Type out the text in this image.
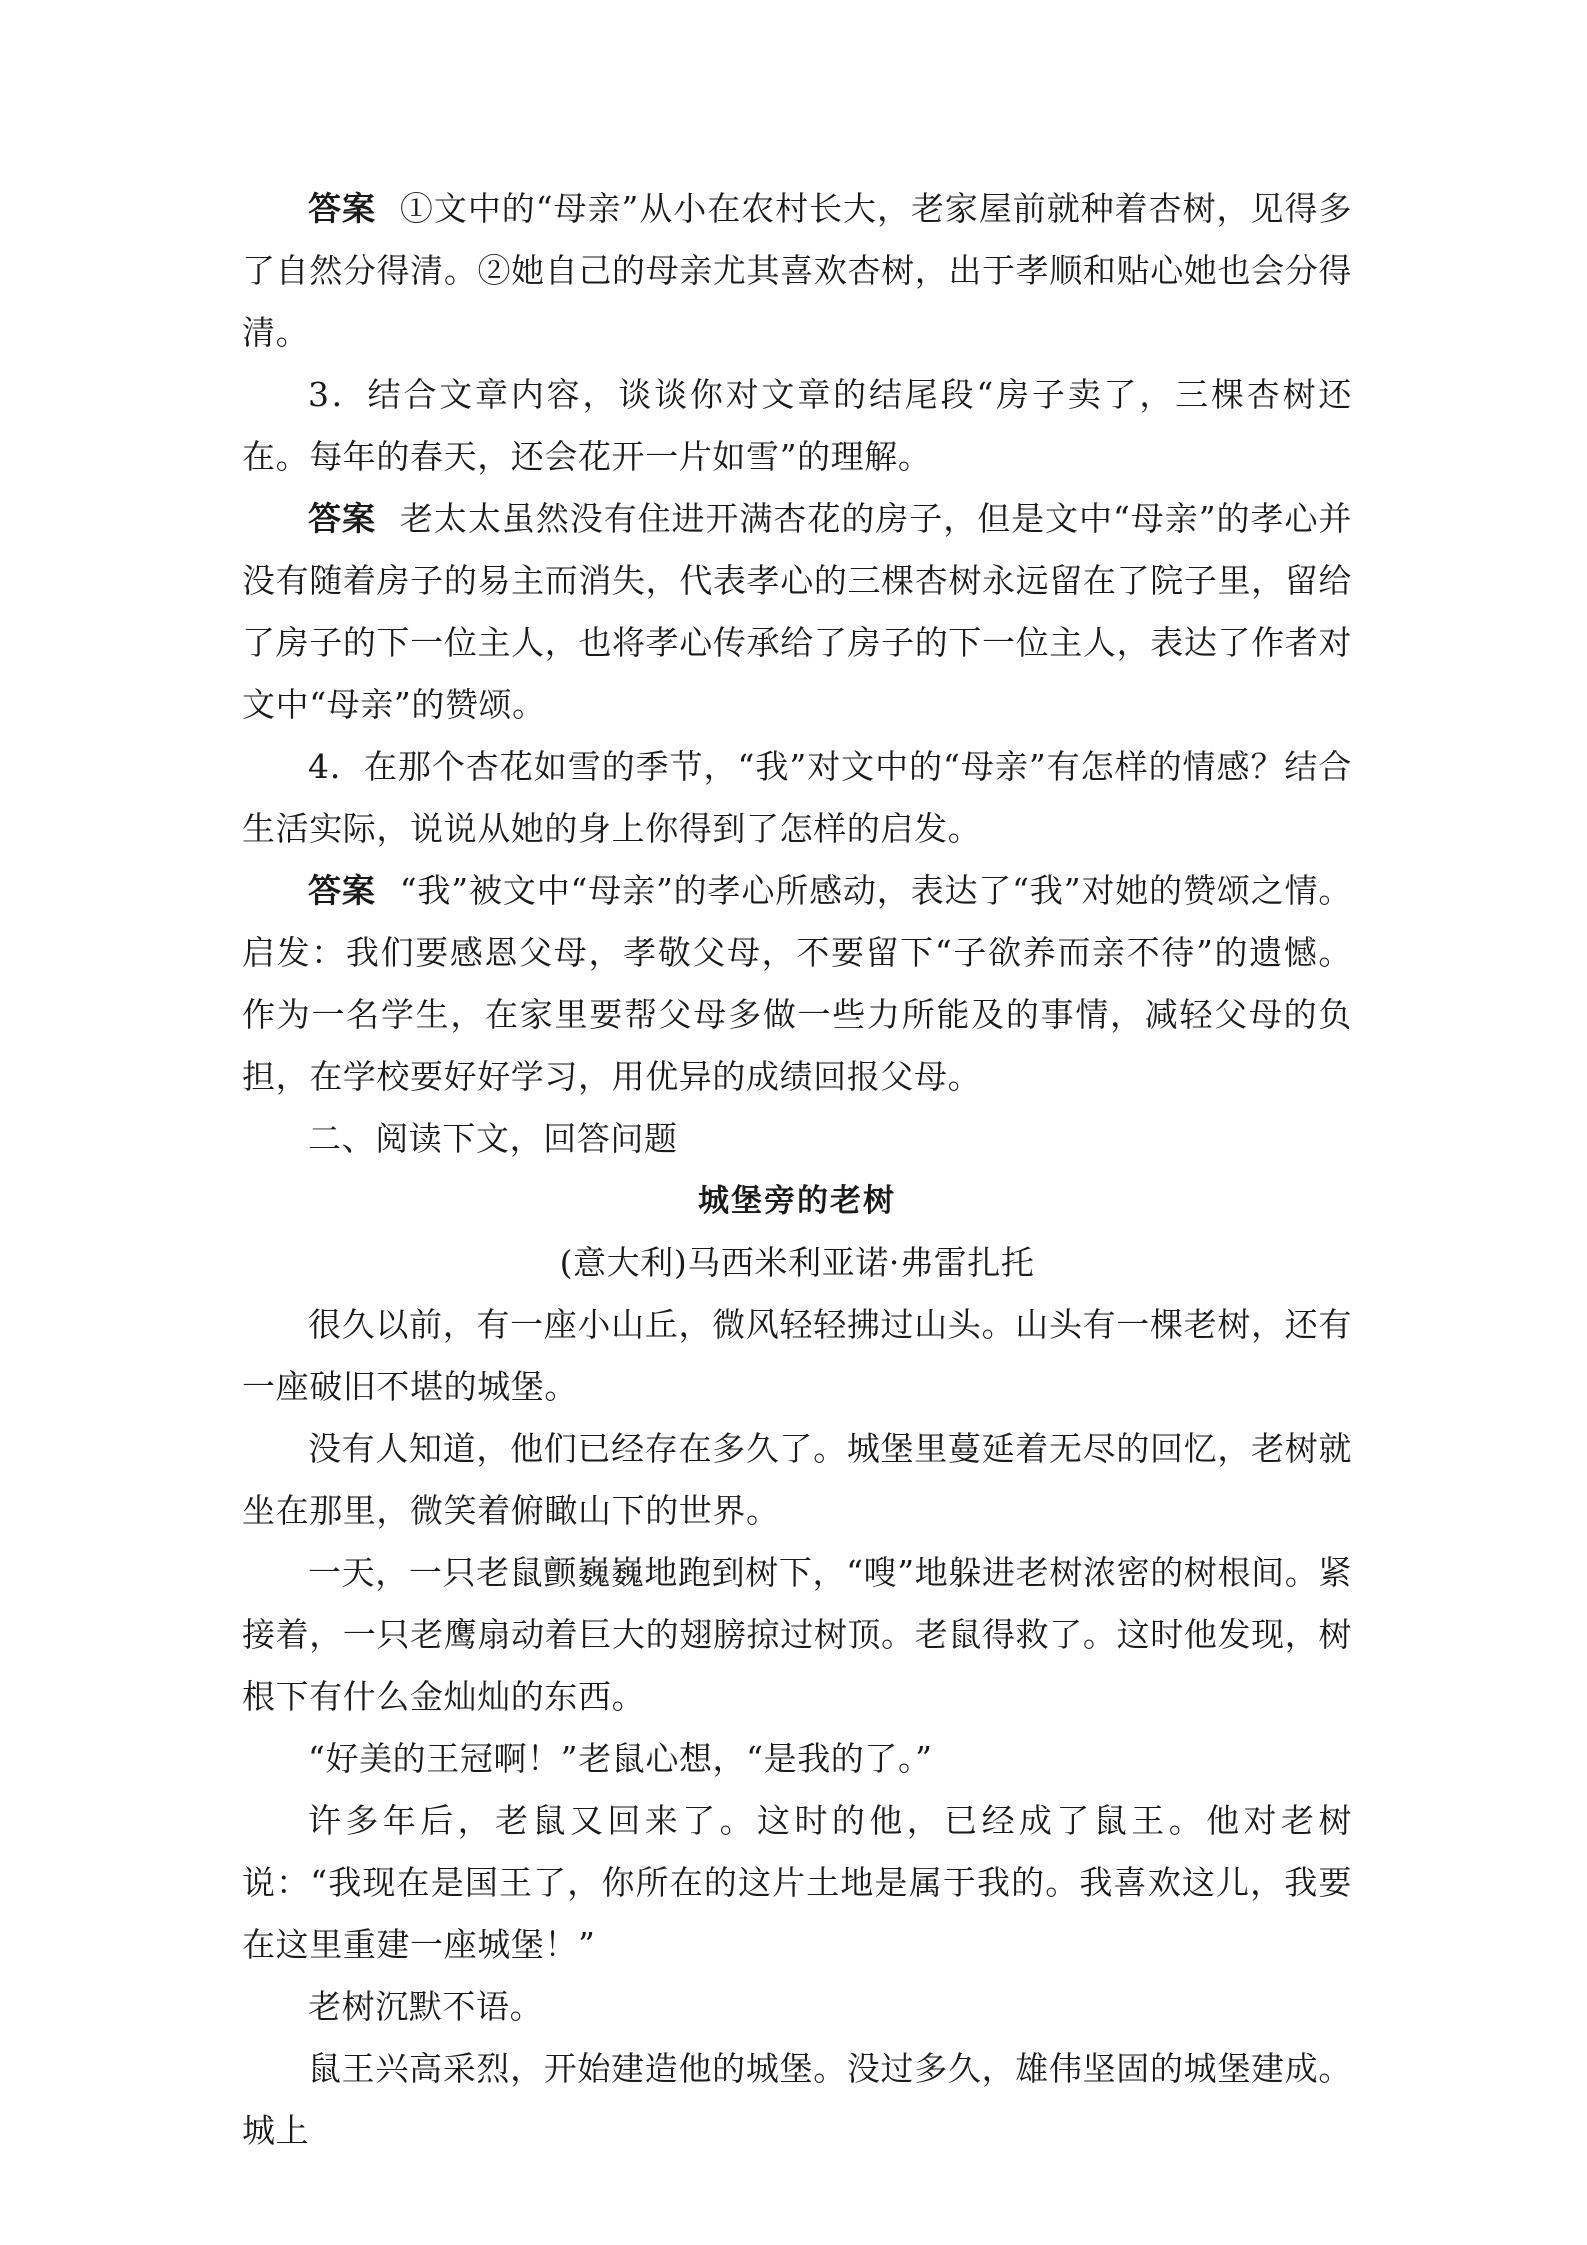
答案 ①文中的“母亲”从小在农村长大，老家屋前就种着杏树，见得多了自然分得清。②她自己的母亲尤其喜欢杏树，出于孝顺和贴心她也会分得清。

3．结合文章内容，谈谈你对文章的结尾段“房子卖了，三棵杏树还在。每年的春天，还会花开一片如雪”的理解。

答案 老太太虽然没有住进开满杏花的房子，但是文中“母亲”的孝心并没有随着房子的易主而消失，代表孝心的三棵杏树永远留在了院子里，留给了房子的下一位主人，也将孝心传承给了房子的下一位主人，表达了作者对文中“母亲”的赞颂。

4．在那个杏花如雪的季节，“我”对文中的“母亲”有怎样的情感？结合生活实际，说说从她的身上你得到了怎样的启发。

答案 “我”被文中“母亲”的孝心所感动，表达了“我”对她的赞颂之情。启发：我们要感恩父母，孝敬父母，不要留下“子欲养而亲不待”的遗憾。作为一名学生，在家里要帮父母多做一些力所能及的事情，减轻父母的负担，在学校要好好学习，用优异的成绩回报父母。

二、阅读下文，回答问题

城堡旁的老树

(意大利)马西米利亚诺·弗雷扎托

很久以前，有一座小山丘，微风轻轻拂过山头。山头有一棵老树，还有一座破旧不堪的城堡。

没有人知道，他们已经存在多久了。城堡里蔓延着无尽的回忆，老树就坐在那里，微笑着俯瞰山下的世界。

一天，一只老鼠颤巍巍地跑到树下，“嗖”地躲进老树浓密的树根间。紧接着，一只老鹰扇动着巨大的翅膀掠过树顶。老鼠得救了。这时他发现，树根下有什么金灿灿的东西。

“好美的王冠啊！”老鼠心想，“是我的了。”

许多年后，老鼠又回来了。这时的他，已经成了鼠王。他对老树说：“我现在是国王了，你所在的这片土地是属于我的。我喜欢这儿，我要在这里重建一座城堡！”

老树沉默不语。

鼠王兴高采烈，开始建造他的城堡。没过多久，雄伟坚固的城堡建成。城上
